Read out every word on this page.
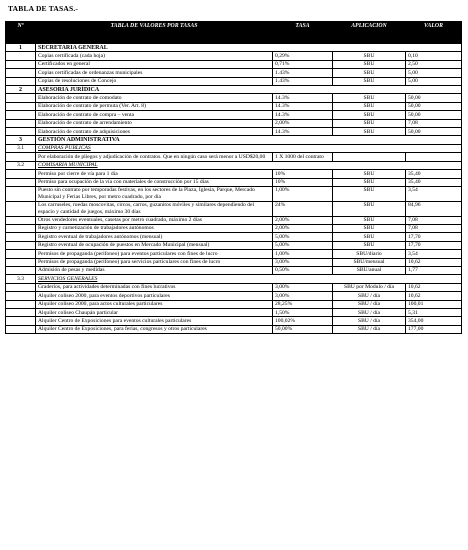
TABLA DE TASAS.-
Nº	TABLA DE VALORES POR TASAS	TASA	APLICACIÓN	VALOR
1	SECRETARIA GENERAL			
	Copias certificada (cada hoja)	0,29%	SBU	0,10
	Certificados en general	0,71%	SBU	2,50
	Copias certificadas de ordenanzas municipales	1.43%	SBU	5,00
	Copias de resoluciones de Concejo	1.43%	SBU	5,00
2	ASESORIA JURÍDICA			
	Elaboración de contrato de comodato	14.3%	SBU	50,00
	Elaboración de contrato de permuta (Ver. Art. 8)	14.3%	SBU	50,00
	Elaboración de contrato de compra – venta	14.3%	SBU	50,00
	Elaboración de contrato de arrendamiento	2,00%	SBU	7,08
	Elaboración de contrato de adquisiciones	14.3%	SBU	50,00
3	GESTIÓN ADMINISTRATIVA			
3.1	COMPRAS PUBLICAS			
	Por elaboración de pliegos y adjudicación de contratos. Que en ningún caso será menor a USD$20,00	1 X 1000 del contrato		
3.2	COMISARIA MUNICIPAL			
	Permiso por cierre de vía para 1 día	10%	SBU	35,40
	Permiso para ocupación de la vía con materiales de construcción por 15 días	10%	SBU	35,40
	Puesto sin contrato por temporadas festivas, en los sectores de la Plaza, Iglesia, Parque, Mercado Municipal y Ferias Libres, por metro cuadrado, por día	1,00%	SBU	3,54
	Los carruseles, ruedas moscovitas, circos, carros, guzanitos móviles y similares dependiendo del espacio y cantidad de juegos, máximo 30 días	24%	SBU	84,96
	Otros vendedores eventuales, casetas por metro cuadrado, máximo 2 días	2,00%	SBU	7,08
	Registro y carnetización de trabajadores autónomos	2,00%	SBU	7,08
	Registro eventual de trabajadores autónomos (mensual)	5,00%	SBU	17,70
	Registro eventual de ocupación de puestos en Mercado Municipal (mensual)	5,00%	SBU	17,70
	Permisos de propaganda (perifoneo) para eventos particulares con fines de lucro	1,00%	SBU/diario	3,54
	Permisos de propaganda (perifoneo) para servicios particulares con fines de lucro	3,00%	SBU/mensual	10,62
	Admisión de pesas y medidas	0,50%	SBU/anual	1,77
3.3	SERVICIOS GENERALES			
	Graderíos, para actividades determinadas con fines lucrativos	3,00%	SBU por Modulo / día	10,62
	Alquiler coliseo 2000, para eventos deportivos particulares	3,00%	SBU / día	10,62
	Alquiler coliseo 2000, para actos culturales particulares	28,25%	SBU / día	100,01
	Alquiler coliseo Chaupán particular	1,50%	SBU / día	5,31
	Alquiler Centro de Exposiciones para eventos culturales particulares	100,02%	SBU / día	354,00
	Alquiler Centro de Exposiciones, para ferias, congresos y otros particulares	50,00%	SBU / día	177,00
